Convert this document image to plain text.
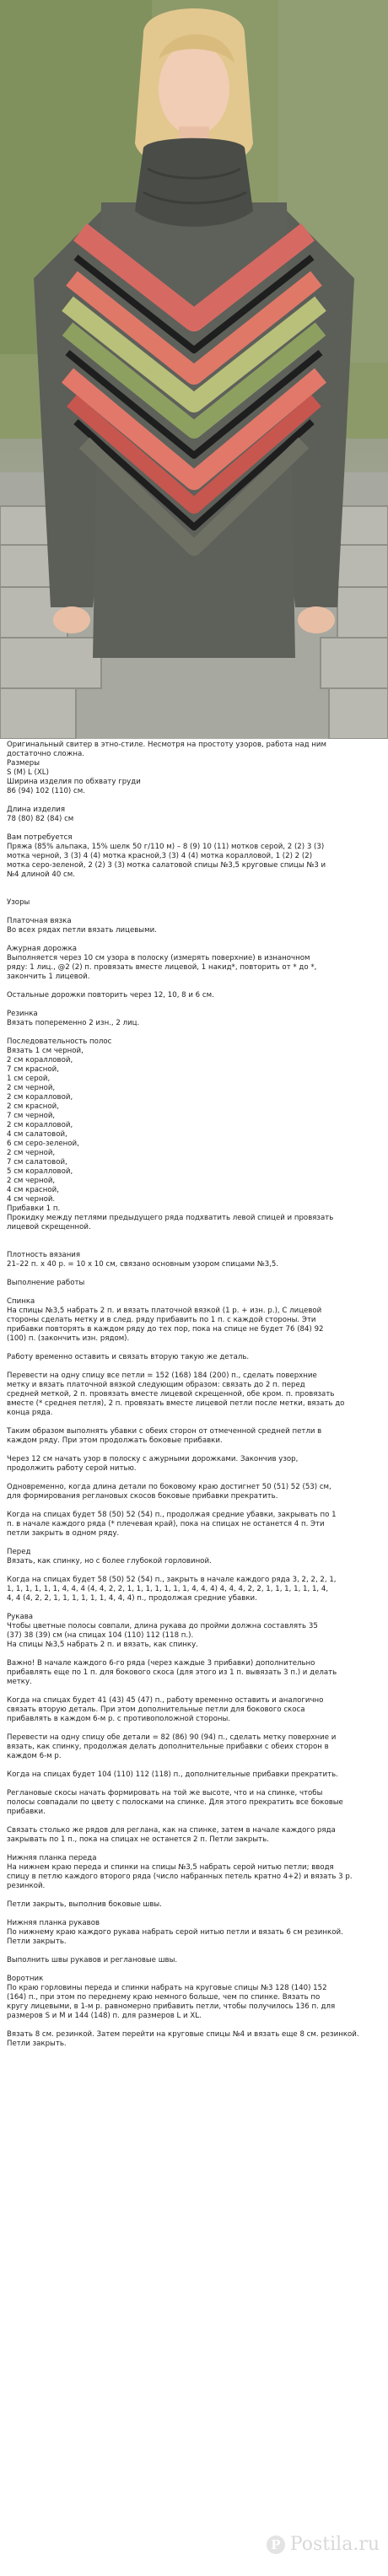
Оригинальный свитер в этно-стиле. Несмотря на простоту узоров, работа над ним

достаточно сложна.

Размеры

S (M) L (XL)

Ширина изделия по обхвату груди

86 (94) 102 (110) см.

Длина изделия

78 (80) 82 (84) см

Вам потребуется

Пряжа (85% альпака, 15% шелк 50 г/110 м) – 8 (9) 10 (11) мотков серой, 2 (2) 3 (3)

мотка черной, 3 (3) 4 (4) мотка красной,3 (3) 4 (4) мотка коралловой, 1 (2) 2 (2)

мотка серо-зеленой, 2 (2) 3 (3) мотка салатовой спицы №3,5 круговые спицы №3 и

№4 длиной 40 см.

Узоры

Платочная вязка

Во всех рядах петли вязать лицевыми.

Ажурная дорожка

Выполняется через 10 см узора в полоску (измерять поверхние) в изнаночном

ряду: 1 лиц., @2 (2) п. провязать вместе лицевой, 1 накид*, повторить от * до *,

закончить 1 лицевой.

Остальные дорожки повторить через 12, 10, 8 и 6 см.

Резинка

Вязать попеременно 2 изн., 2 лиц.

Последовательность полос

Вязать 1 см черной,

2 см коралловой,

7 см красной,

1 см серой,

2 см черной,

2 см коралловой,

2 см красной,

7 см черной,

2 см коралловой,

4 см салатовой,

6 см серо-зеленой,

2 см черной,

7 см салатовой,

5 см коралловой,

2 см черной,

4 см красной,

4 см черной.

Прибавки 1 п.

Прокидку между петлями предыдущего ряда подхватить левой спицей и провязать

лицевой скрещенной.

Плотность вязания

21–22 п. х 40 р. = 10 х 10 см, связано основным узором спицами №3,5.

Выполнение работы

Спинка

На спицы №3,5 набрать 2 п. и вязать платочной вязкой (1 р. + изн. р.), С лицевой

стороны сделать метку и в след. ряду прибавить по 1 п. с каждой стороны. Эти

прибавки повторять в каждом ряду до тех пор, пока на спице не будет 76 (84) 92

(100) п. (закончить изн. рядом).

Работу временно оставить и связать вторую такую же деталь.

Перевести на одну спицу все петли = 152 (168) 184 (200) п., сделать поверхние

метку и вязать платочной вязкой следующим образом: связать до 2 п. перед

средней меткой, 2 п. провязать вместе лицевой скрещенной, обе кром. п. провязать

вместе (* среднея петля), 2 п. провязать вместе лицевой петли после метки, вязать до

конца ряда.

Таким образом выполнять убавки с обеих сторон от отмеченной средней петли в

каждом ряду. При этом продолжать боковые прибавки.

Через 12 см начать узор в полоску с ажурными дорожками. Закончив узор,

продолжить работу серой нитью.

Одновременно, когда длина детали по боковому краю достигнет 50 (51) 52 (53) см,

для формирования реглановых скосов боковые прибавки прекратить.

Когда на спицах будет 58 (50) 52 (54) п., продолжая средние убавки, закрывать по 1

п. в начале каждого ряда (* плечевая край), пока на спицах не останется 4 п. Эти

петли закрыть в одном ряду.

Перед

Вязать, как спинку, но с более глубокой горловиной.

Когда на спицах будет 58 (50) 52 (54) п., закрыть в начале каждого ряда 3, 2, 2, 2, 1,

1, 1, 1, 1, 1, 1, 4, 4, 4 (4, 4, 2, 2, 1, 1, 1, 1, 1, 1, 1, 4, 4, 4) 4, 4, 4, 2, 2, 1, 1, 1, 1, 1, 1, 4,

4, 4 (4, 2, 2, 1, 1, 1, 1, 1, 1, 4, 4, 4) п., продолжая средние убавки.

Рукава

Чтобы цветные полосы совпали, длина рукава до пройми должна составлять 35

(37) 38 (39) см (на спицах 104 (110) 112 (118 п.).

На спицы №3,5 набрать 2 п. и вязать, как спинку.

Важно! В начале каждого 6-го ряда (через каждые 3 прибавки) дополнительно

прибавлять еще по 1 п. для бокового скоса (для этого из 1 п. вывязать 3 п.) и делать

метку.

Когда на спицах будет 41 (43) 45 (47) п., работу временно оставить и аналогично

связать вторую деталь. При этом дополнительные петли для бокового скоса

прибавлять в каждом 6-м р. с противоположной стороны.

Перевести на одну спицу обе детали = 82 (86) 90 (94) п., сделать метку поверхние и

вязать, как спинку, продолжая делать дополнительные прибавки с обеих сторон в

каждом 6-м р.

Когда на спицах будет 104 (110) 112 (118) п., дополнительные прибавки прекратить.

Реглановые скосы начать формировать на той же высоте, что и на спинке, чтобы

полосы совпадали по цвету с полосками на спинке. Для этого прекратить все боковые

прибавки.

Связать столько же рядов для реглана, как на спинке, затем в начале каждого ряда

закрывать по 1 п., пока на спицах не останется 2 п. Петли закрыть.

Нижняя планка переда

На нижнем краю переда и спинки на спицы №3,5 набрать серой нитью петли; вводя

спицу в петлю каждого второго ряда (число набранных петель кратно 4+2) и вязать 3 р.

резинкой.

Петли закрыть, выполнив боковые швы.

Нижняя планка рукавов

По нижнему краю каждого рукава набрать серой нитью петли и вязать 6 см резинкой.

Петли закрыть.

Выполнить швы рукавов и реглановые швы.

Воротник

По краю горловины переда и спинки набрать на круговые спицы №3 128 (140) 152

(164) п., при этом по переднему краю немного больше, чем по спинке. Вязать по

кругу лицевыми, в 1-м р. равномерно прибавить петли, чтобы получилось 136 п. для

размеров S и М и 144 (148) п. для размеров L и XL.

Вязать 8 см. резинкой. Затем перейти на круговые спицы №4 и вязать еще 8 см. резинкой.

Петли закрыть.

P Postila.ru
